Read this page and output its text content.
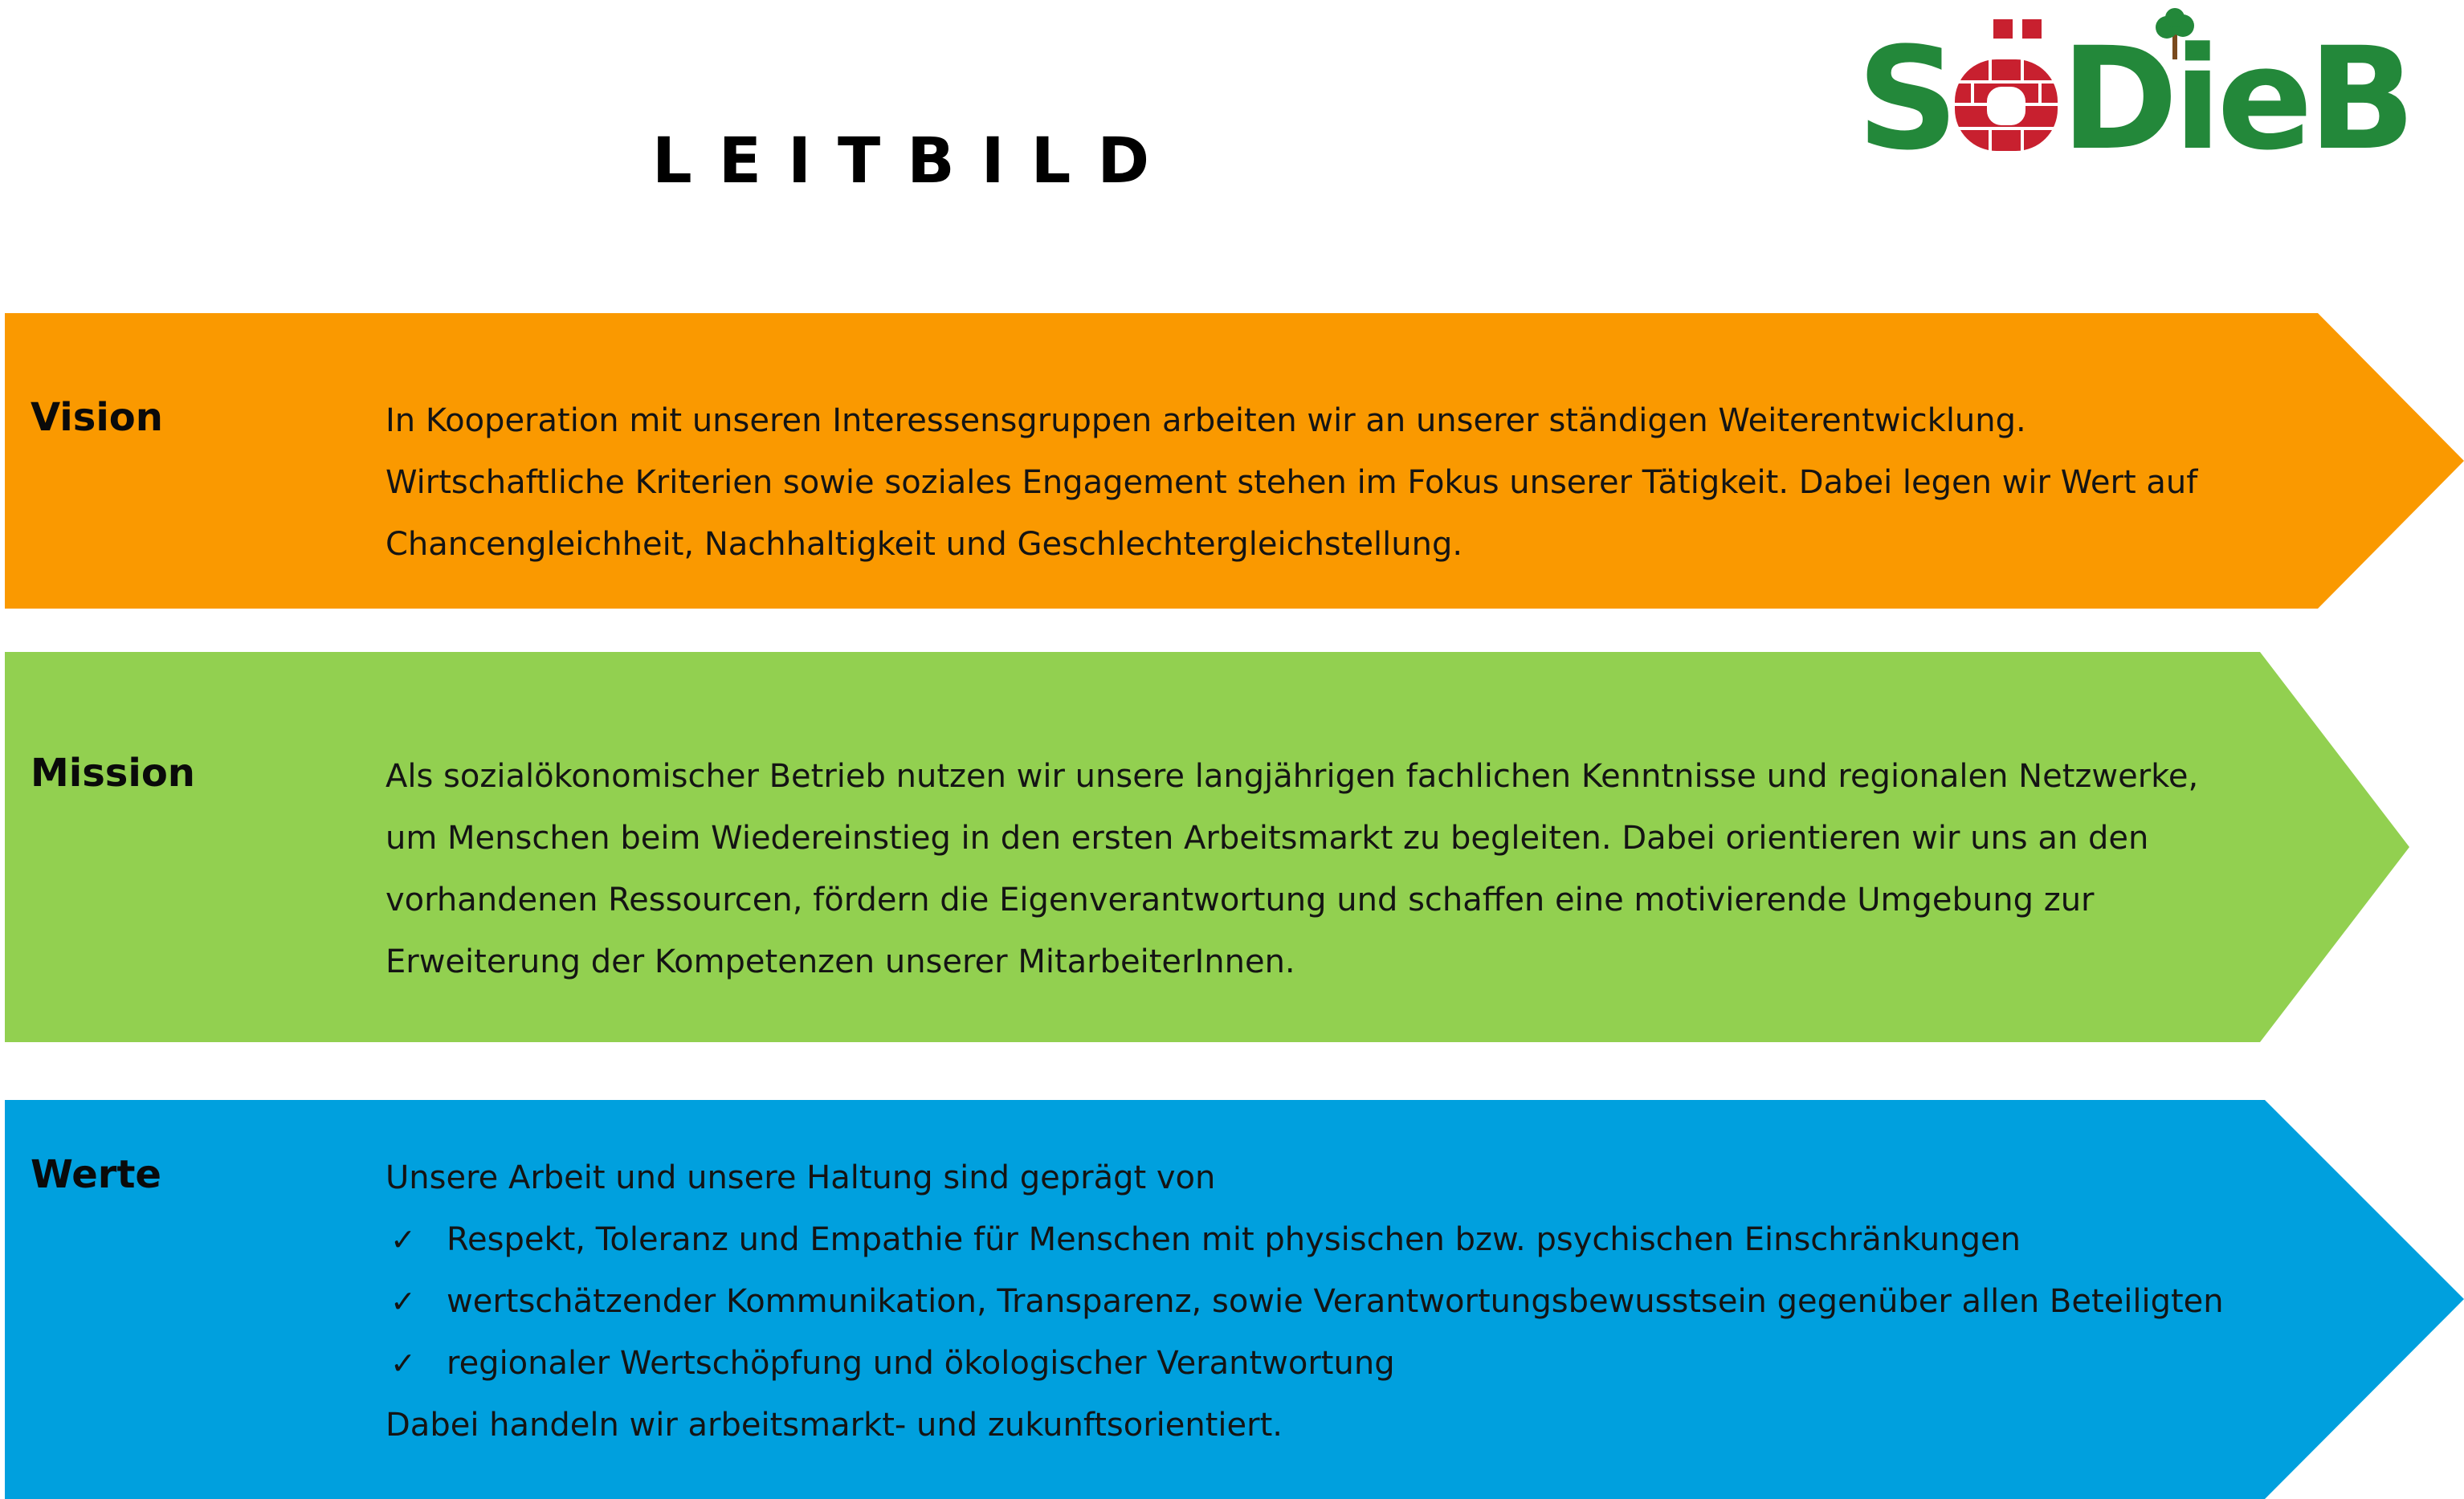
LEITBILD	S DieB
Vision	In Kooperation mit unseren Interessensgruppen arbeiten wir an unserer ständigen Weiterentwicklung.

Wirtschaftliche Kriterien sowie soziales Engagement stehen im Fokus unserer Tätigkeit. Dabei legen wir Wert auf

Chancengleichheit, Nachhaltigkeit und Geschlechtergleichstellung.

Mission	Als sozialökonomischer Betrieb nutzen wir unsere langjährigen fachlichen Kenntnisse und regionalen Netzwerke,

um Menschen beim Wiedereinstieg in den ersten Arbeitsmarkt zu begleiten. Dabei orientieren wir uns an den

vorhandenen Ressourcen, fördern die Eigenverantwortung und schaffen eine motivierende Umgebung zur

Erweiterung der Kompetenzen unserer MitarbeiterInnen.

Werte	Unsere Arbeit und unsere Haltung sind geprägt von

✓ Respekt, Toleranz und Empathie für Menschen mit physischen bzw. psychischen Einschränkungen
✓ wertschätzender Kommunikation, Transparenz, sowie Verantwortungsbewusstsein gegenüber allen Beteiligten
✓ regionaler Wertschöpfung und ökologischer Verantwortung

Dabei handeln wir arbeitsmarkt- und zukunftsorientiert.
